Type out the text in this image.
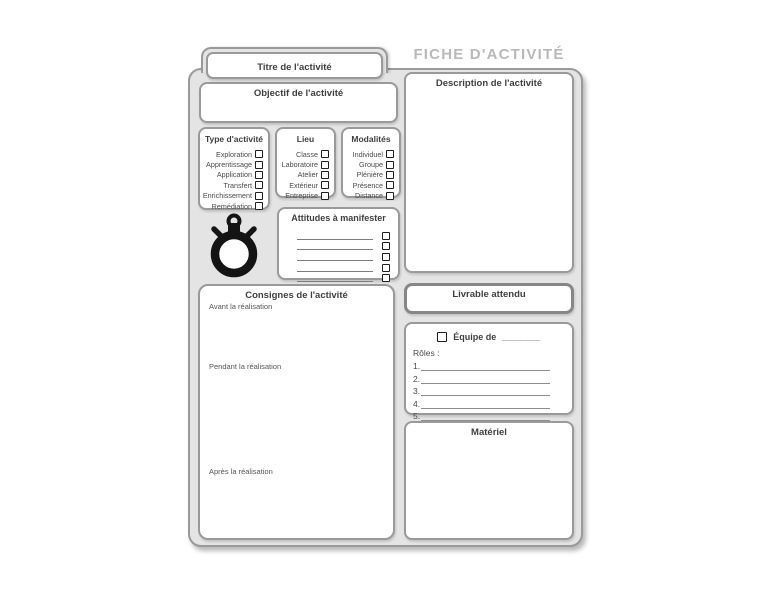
Titre de l'activité
FICHE D'ACTIVITÉ
Description de l'activité
Objectif de l'activité
Type d'activité
Exploration
Apprentissage
Application
Transfert
Enrichissement
Remédiation
Lieu
Classe
Laboratoire
Atelier
Extérieur
Entreprise
Modalités
Individuel
Groupe
Plénière
Présence
Distance
Attitudes à manifester
Consignes de l'activité
Avant la réalisation
Pendant la réalisation
Après la réalisation
Livrable attendu
Équipe de _______
Rôles :
1.
2.
3.
4.
5.
Matériel
